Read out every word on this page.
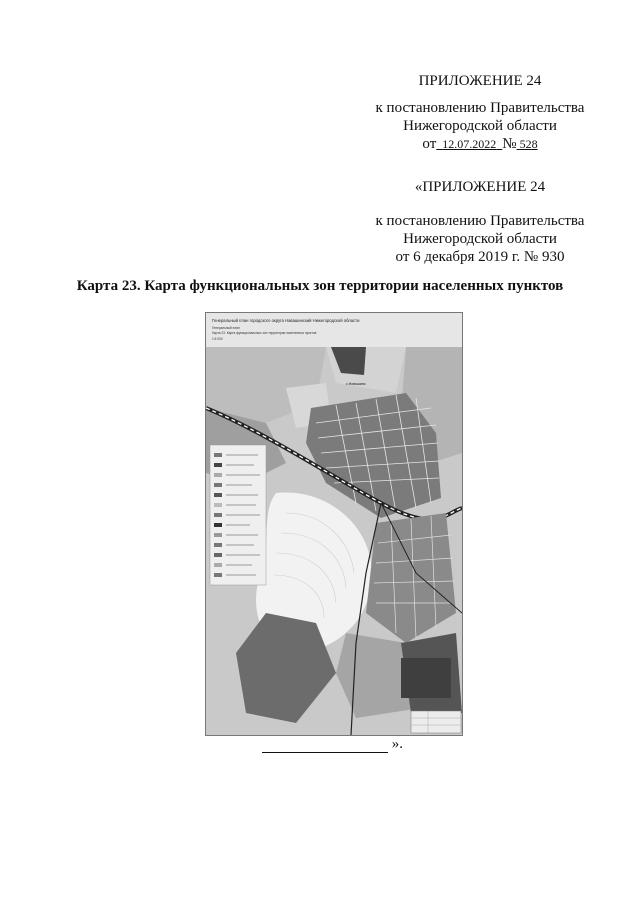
ПРИЛОЖЕНИЕ 24
к постановлению Правительства
Нижегородской области
от 12.07.2022 № 528
«ПРИЛОЖЕНИЕ 24
к постановлению Правительства
Нижегородской области
от 6 декабря 2019 г. № 930
Карта 23. Карта функциональных зон территории населенных пунктов
Генеральный план городского округа Навашинский Нижегородской области
Генеральный план
Карта 23. Карта функциональных зон территории населенных пунктов
1:5 000
с.Новошино
».
